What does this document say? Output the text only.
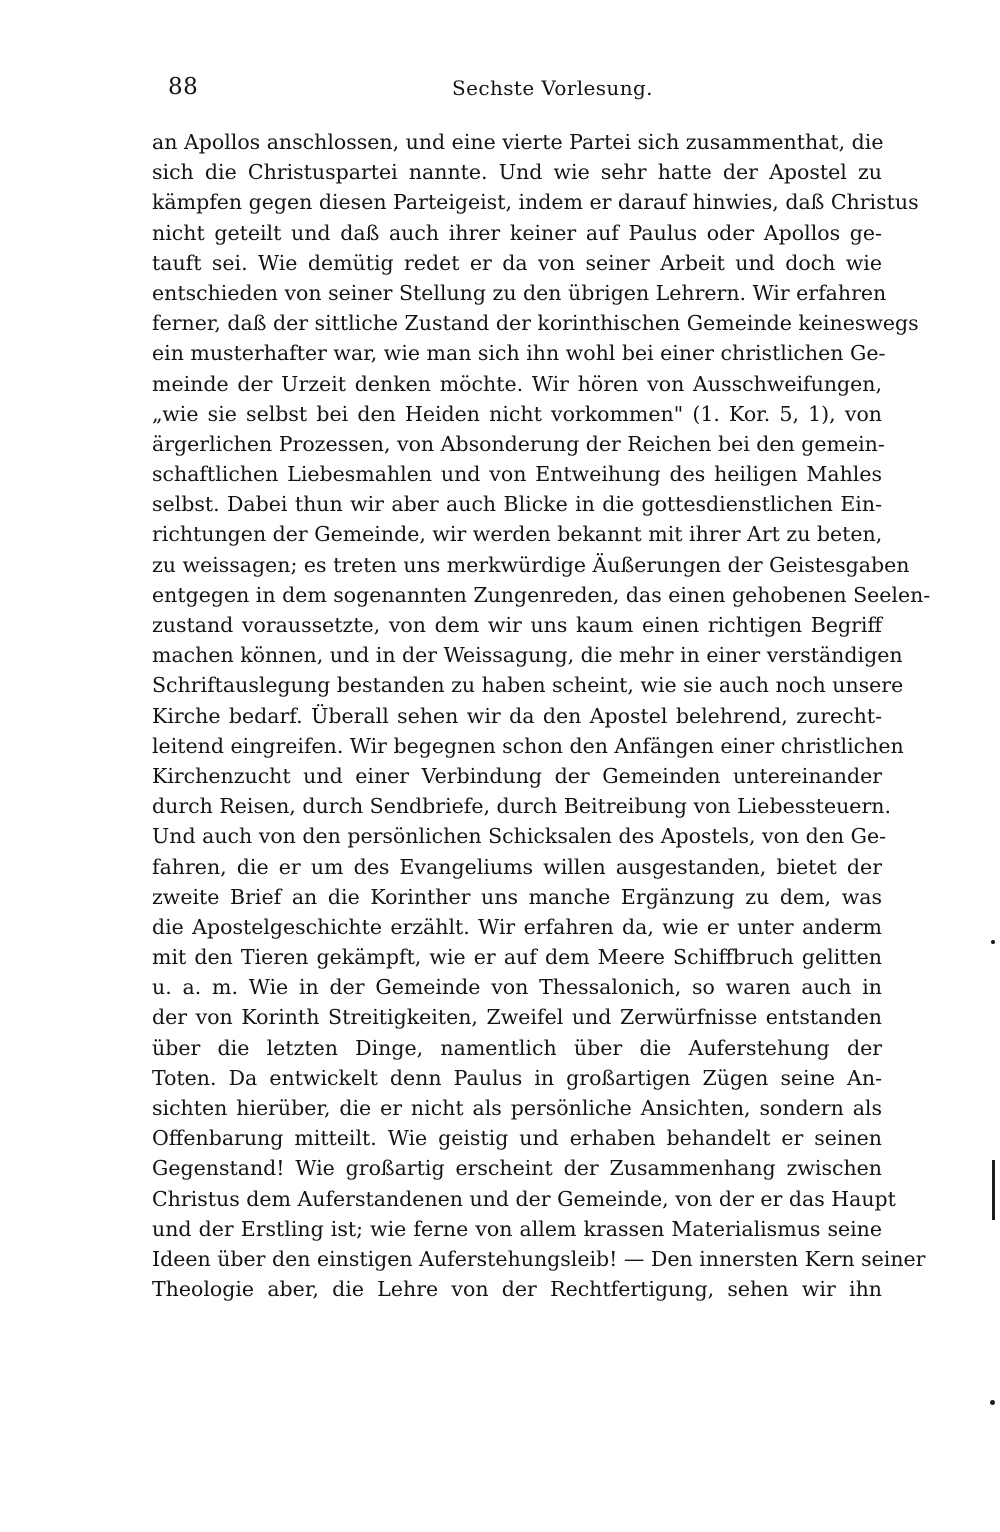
88	Sechste Vorlesung.
an Apollos anschlossen, und eine vierte Partei sich zusammenthat, die
sich die Christuspartei nannte. Und wie sehr hatte der Apostel zu
kämpfen gegen diesen Parteigeist, indem er darauf hinwies, daß Christus
nicht geteilt und daß auch ihrer keiner auf Paulus oder Apollos ge-
tauft sei. Wie demütig redet er da von seiner Arbeit und doch wie
entschieden von seiner Stellung zu den übrigen Lehrern. Wir erfahren
ferner, daß der sittliche Zustand der korinthischen Gemeinde keineswegs
ein musterhafter war, wie man sich ihn wohl bei einer christlichen Ge-
meinde der Urzeit denken möchte. Wir hören von Ausschweifungen,
„wie sie selbst bei den Heiden nicht vorkommen" (1. Kor. 5, 1), von
ärgerlichen Prozessen, von Absonderung der Reichen bei den gemein-
schaftlichen Liebesmahlen und von Entweihung des heiligen Mahles
selbst. Dabei thun wir aber auch Blicke in die gottesdienstlichen Ein-
richtungen der Gemeinde, wir werden bekannt mit ihrer Art zu beten,
zu weissagen; es treten uns merkwürdige Äußerungen der Geistesgaben
entgegen in dem sogenannten Zungenreden, das einen gehobenen Seelen-
zustand voraussetzte, von dem wir uns kaum einen richtigen Begriff
machen können, und in der Weissagung, die mehr in einer verständigen
Schriftauslegung bestanden zu haben scheint, wie sie auch noch unsere
Kirche bedarf. Überall sehen wir da den Apostel belehrend, zurecht-
leitend eingreifen. Wir begegnen schon den Anfängen einer christlichen
Kirchenzucht und einer Verbindung der Gemeinden untereinander
durch Reisen, durch Sendbriefe, durch Beitreibung von Liebessteuern.
Und auch von den persönlichen Schicksalen des Apostels, von den Ge-
fahren, die er um des Evangeliums willen ausgestanden, bietet der
zweite Brief an die Korinther uns manche Ergänzung zu dem, was
die Apostelgeschichte erzählt. Wir erfahren da, wie er unter anderm
mit den Tieren gekämpft, wie er auf dem Meere Schiffbruch gelitten
u. a. m. Wie in der Gemeinde von Thessalonich, so waren auch in
der von Korinth Streitigkeiten, Zweifel und Zerwürfnisse entstanden
über die letzten Dinge, namentlich über die Auferstehung der
Toten. Da entwickelt denn Paulus in großartigen Zügen seine An-
sichten hierüber, die er nicht als persönliche Ansichten, sondern als
Offenbarung mitteilt. Wie geistig und erhaben behandelt er seinen
Gegenstand! Wie großartig erscheint der Zusammenhang zwischen
Christus dem Auferstandenen und der Gemeinde, von der er das Haupt
und der Erstling ist; wie ferne von allem krassen Materialismus seine
Ideen über den einstigen Auferstehungsleib! — Den innersten Kern seiner
Theologie aber, die Lehre von der Rechtfertigung, sehen wir ihn
